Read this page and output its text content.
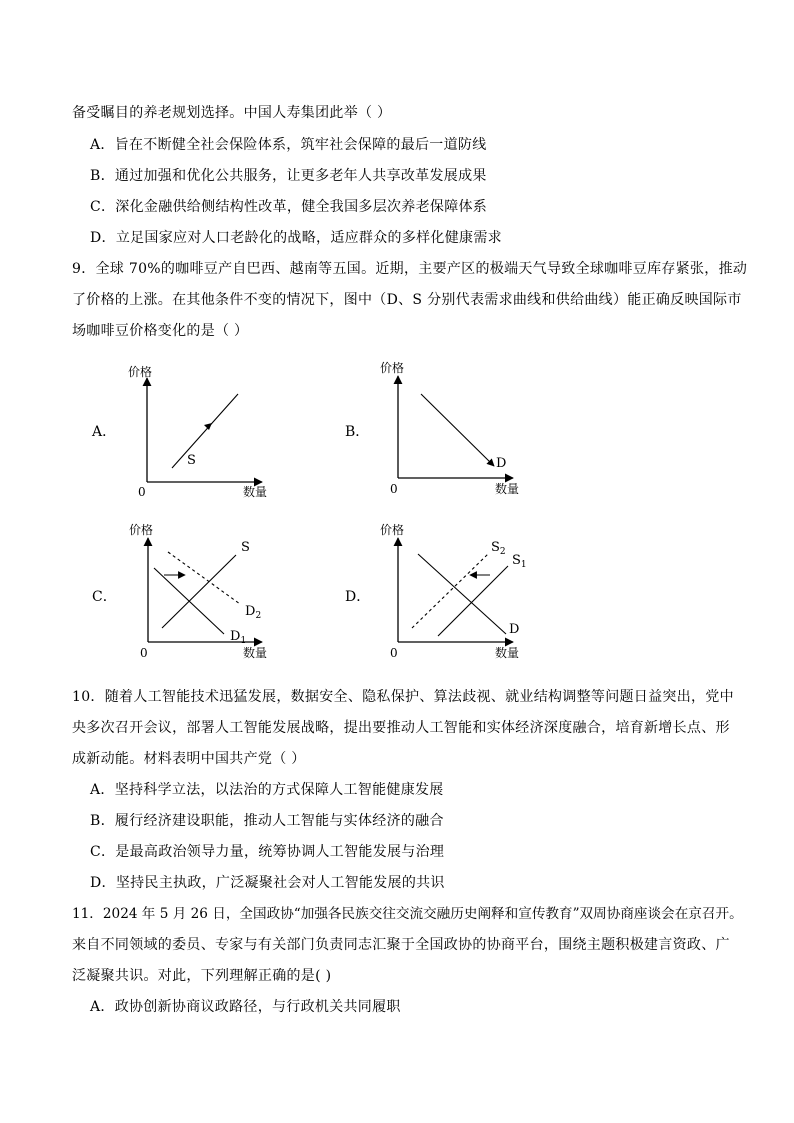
备受瞩目的养老规划选择。中国人寿集团此举（ ）
A．旨在不断健全社会保险体系，筑牢社会保障的最后一道防线
B．通过加强和优化公共服务，让更多老年人共享改革发展成果
C．深化金融供给侧结构性改革，健全我国多层次养老保障体系
D．立足国家应对人口老龄化的战略，适应群众的多样化健康需求
9．全球 70%的咖啡豆产自巴西、越南等五国。近期，主要产区的极端天气导致全球咖啡豆库存紧张，推动
了价格的上涨。在其他条件不变的情况下，图中（D、S 分别代表需求曲线和供给曲线）能正确反映国际市
场咖啡豆价格变化的是（ ）
A．
价格
数量
0
S
B．
价格
数量
0
D
C．
价格
数量
0
S
$D_1$
$D_2$
D．
价格
数量
0
$S_2$
$S_1$
D
10．随着人工智能技术迅猛发展，数据安全、隐私保护、算法歧视、就业结构调整等问题日益突出，党中
央多次召开会议，部署人工智能发展战略，提出要推动人工智能和实体经济深度融合，培育新增长点、形
成新动能。材料表明中国共产党（ ）
A．坚持科学立法，以法治的方式保障人工智能健康发展
B．履行经济建设职能，推动人工智能与实体经济的融合
C．是最高政治领导力量，统筹协调人工智能发展与治理
D．坚持民主执政，广泛凝聚社会对人工智能发展的共识
11．2024 年 5 月 26 日，全国政协“加强各民族交往交流交融历史阐释和宣传教育”双周协商座谈会在京召开。
来自不同领域的委员、专家与有关部门负责同志汇聚于全国政协的协商平台，围绕主题积极建言资政、广
泛凝聚共识。对此，下列理解正确的是( )
A．政协创新协商议政路径，与行政机关共同履职
